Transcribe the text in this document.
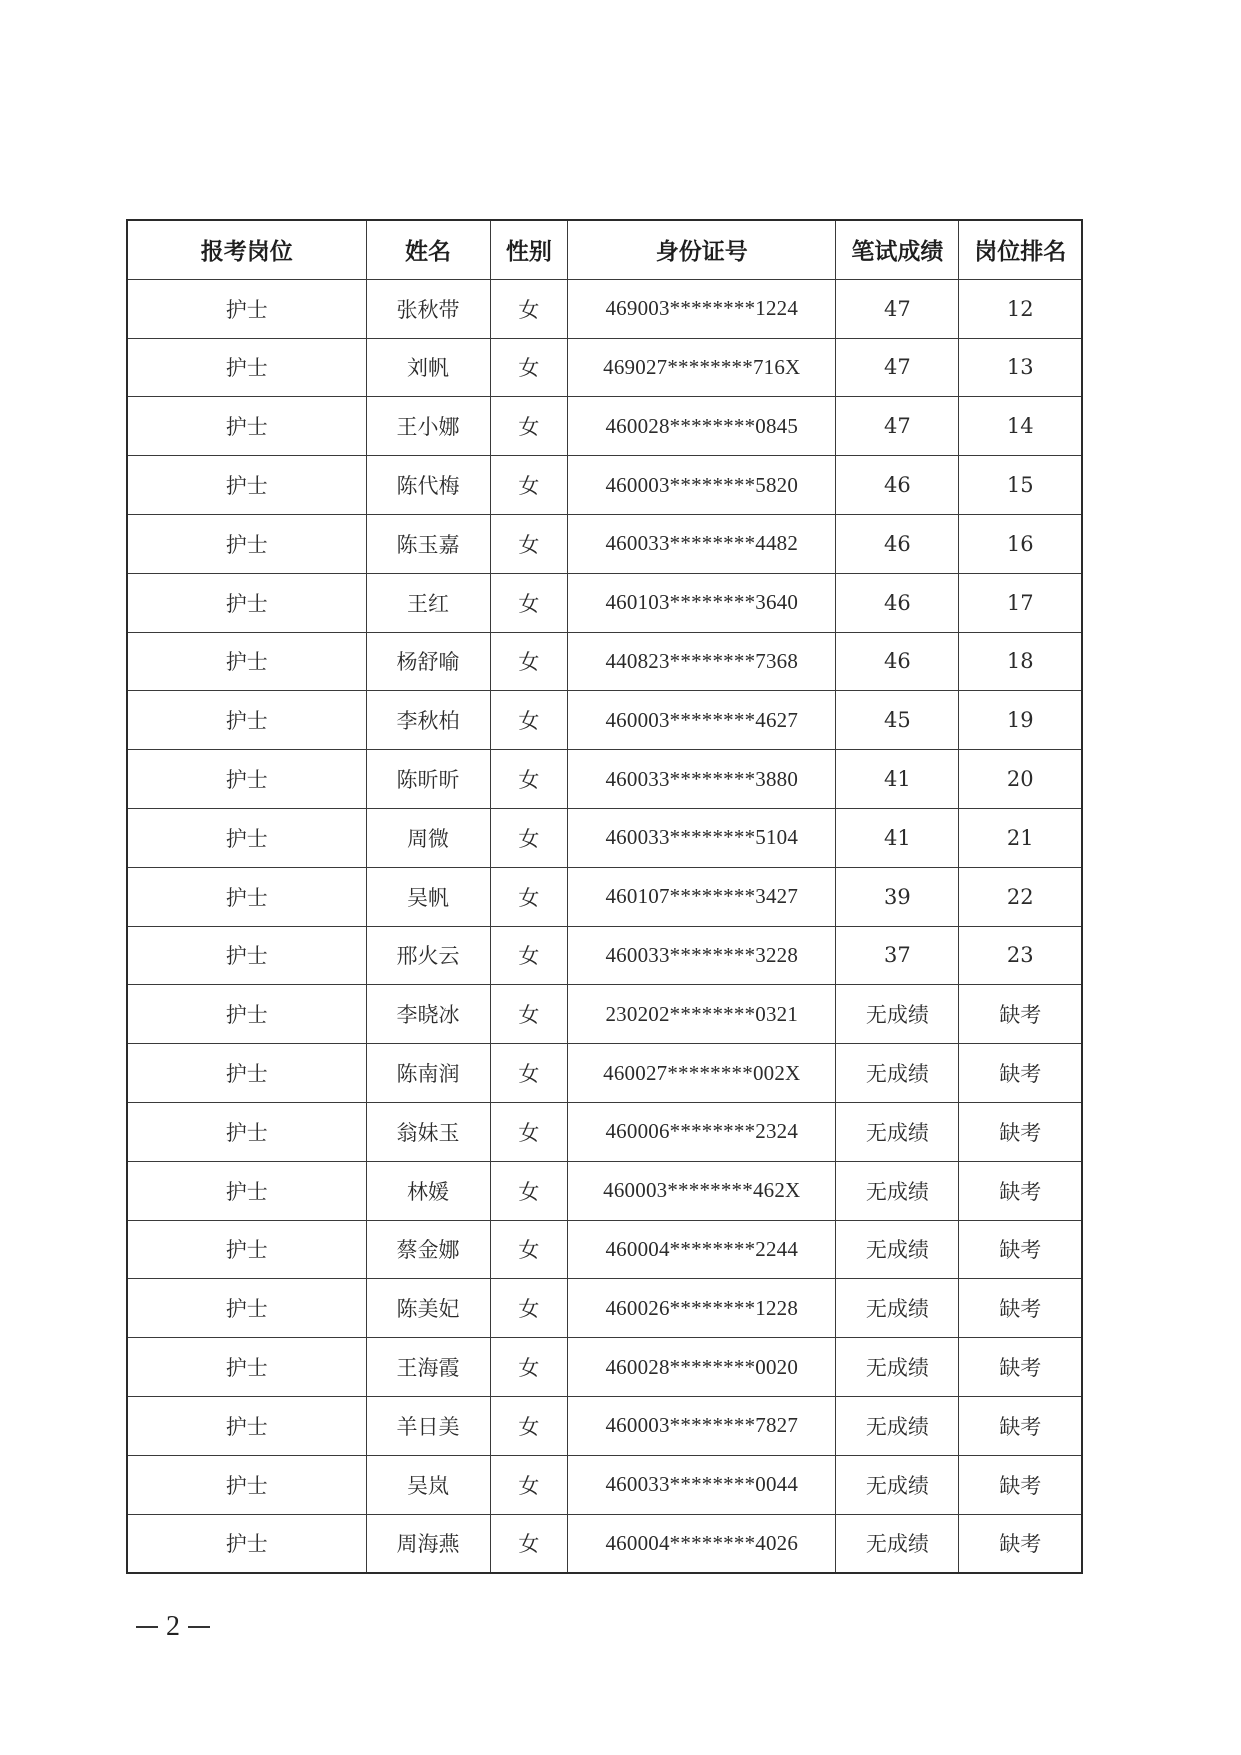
报考岗位	姓名	性别	身份证号	笔试成绩	岗位排名
护士	张秋带	女	469003********1224	47	12
护士	刘帆	女	469027********716X	47	13
护士	王小娜	女	460028********0845	47	14
护士	陈代梅	女	460003********5820	46	15
护士	陈玉嘉	女	460033********4482	46	16
护士	王红	女	460103********3640	46	17
护士	杨舒喻	女	440823********7368	46	18
护士	李秋柏	女	460003********4627	45	19
护士	陈昕昕	女	460033********3880	41	20
护士	周微	女	460033********5104	41	21
护士	吴帆	女	460107********3427	39	22
护士	邢火云	女	460033********3228	37	23
护士	李晓冰	女	230202********0321	无成绩	缺考
护士	陈南润	女	460027********002X	无成绩	缺考
护士	翁妹玉	女	460006********2324	无成绩	缺考
护士	林媛	女	460003********462X	无成绩	缺考
护士	蔡金娜	女	460004********2244	无成绩	缺考
护士	陈美妃	女	460026********1228	无成绩	缺考
护士	王海霞	女	460028********0020	无成绩	缺考
护士	羊日美	女	460003********7827	无成绩	缺考
护士	吴岚	女	460033********0044	无成绩	缺考
护士	周海燕	女	460004********4026	无成绩	缺考
2
